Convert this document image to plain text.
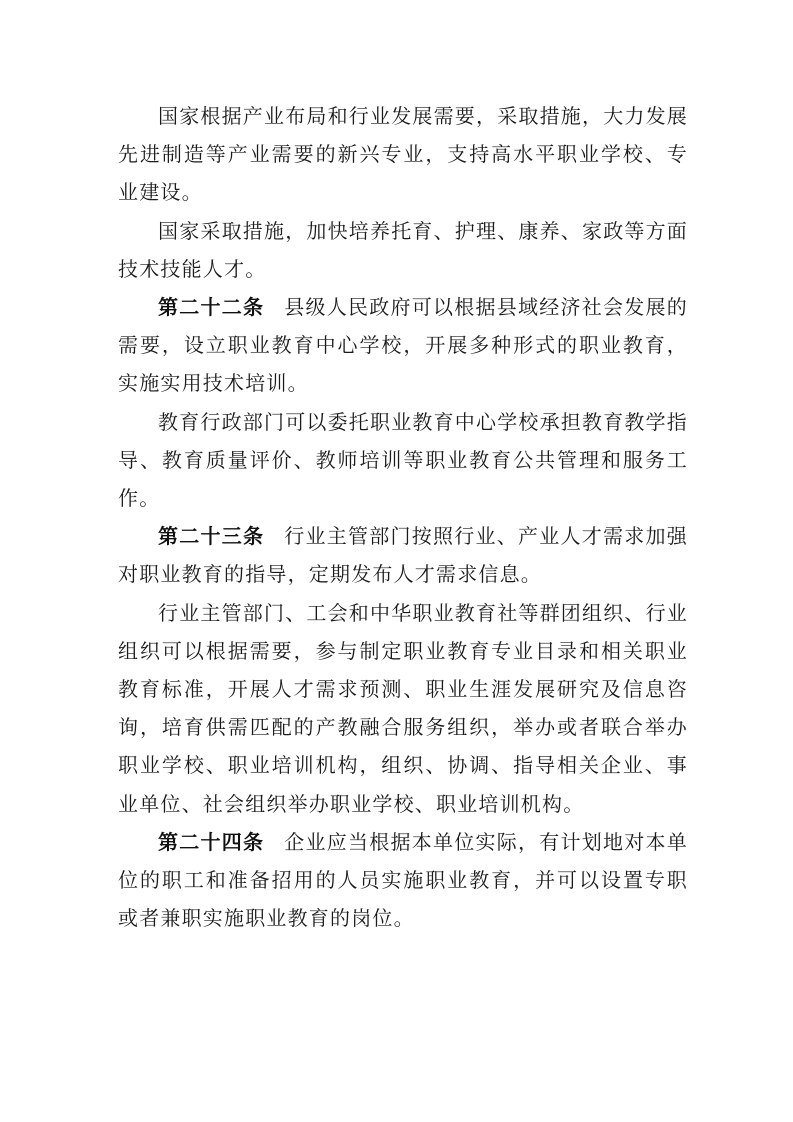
国家根据产业布局和行业发展需要，采取措施，大力发展先进制造等产业需要的新兴专业，支持高水平职业学校、专业建设。

国家采取措施，加快培养托育、护理、康养、家政等方面技术技能人才。

第二十二条 县级人民政府可以根据县域经济社会发展的需要，设立职业教育中心学校，开展多种形式的职业教育，实施实用技术培训。

教育行政部门可以委托职业教育中心学校承担教育教学指导、教育质量评价、教师培训等职业教育公共管理和服务工作。

第二十三条 行业主管部门按照行业、产业人才需求加强对职业教育的指导，定期发布人才需求信息。

行业主管部门、工会和中华职业教育社等群团组织、行业组织可以根据需要，参与制定职业教育专业目录和相关职业教育标准，开展人才需求预测、职业生涯发展研究及信息咨询，培育供需匹配的产教融合服务组织，举办或者联合举办职业学校、职业培训机构，组织、协调、指导相关企业、事业单位、社会组织举办职业学校、职业培训机构。

第二十四条 企业应当根据本单位实际，有计划地对本单位的职工和准备招用的人员实施职业教育，并可以设置专职或者兼职实施职业教育的岗位。
